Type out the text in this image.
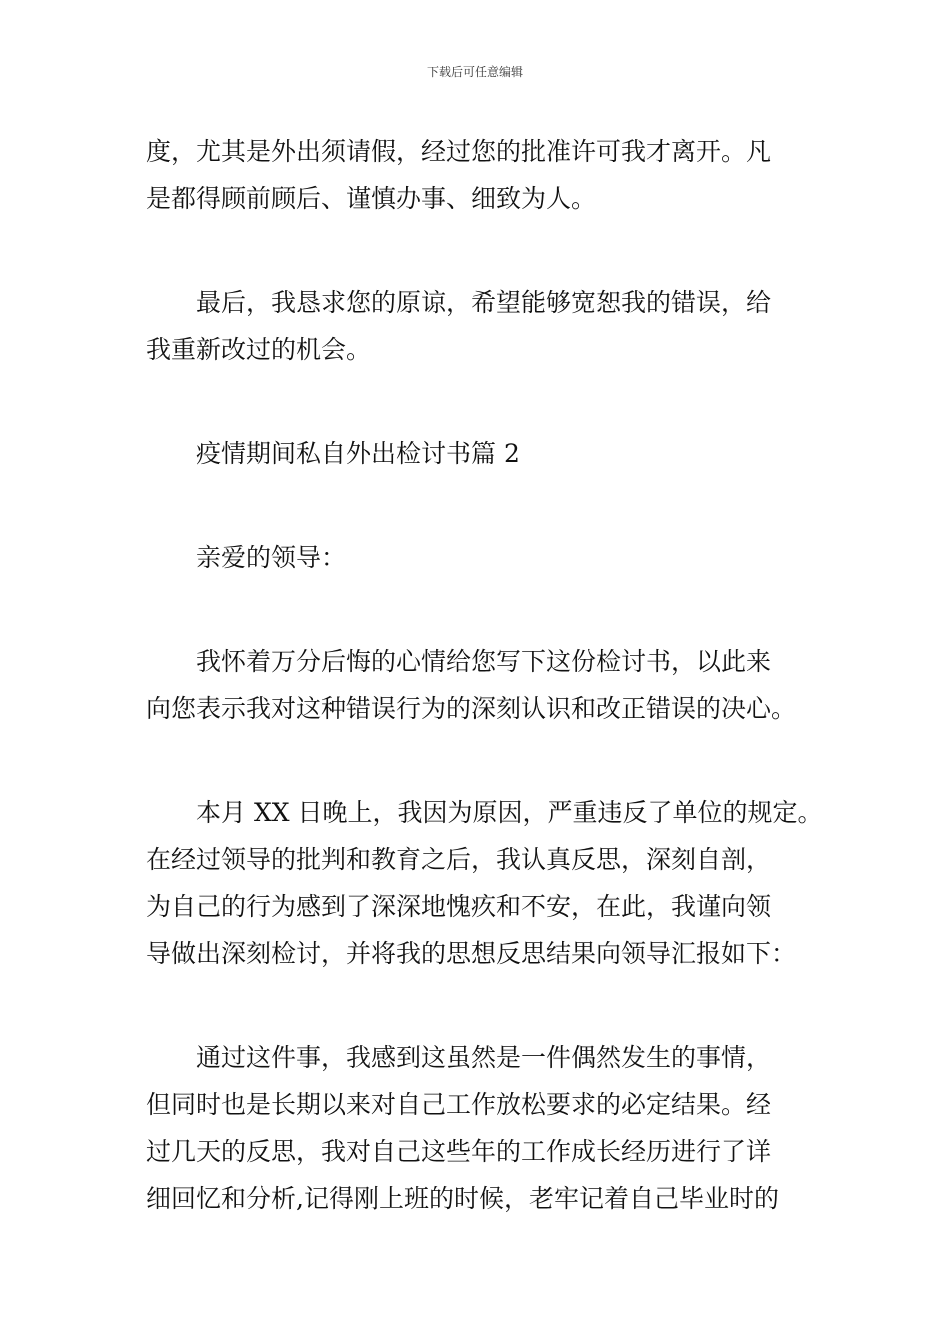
下载后可任意编辑
度，尤其是外出须请假，经过您的批准许可我才离开。凡
是都得顾前顾后、谨慎办事、细致为人。
最后，我恳求您的原谅，希望能够宽恕我的错误，给
我重新改过的机会。
疫情期间私自外出检讨书篇 2
亲爱的领导：
我怀着万分后悔的心情给您写下这份检讨书，以此来
向您表示我对这种错误行为的深刻认识和改正错误的决心。
本月 XX 日晚上，我因为原因，严重违反了单位的规定。
在经过领导的批判和教育之后，我认真反思，深刻自剖，
为自己的行为感到了深深地愧疚和不安，在此，我谨向领
导做出深刻检讨，并将我的思想反思结果向领导汇报如下：
通过这件事，我感到这虽然是一件偶然发生的事情，
但同时也是长期以来对自己工作放松要求的必定结果。经
过几天的反思，我对自己这些年的工作成长经历进行了详
细回忆和分析,记得刚上班的时候，老牢记着自己毕业时的
